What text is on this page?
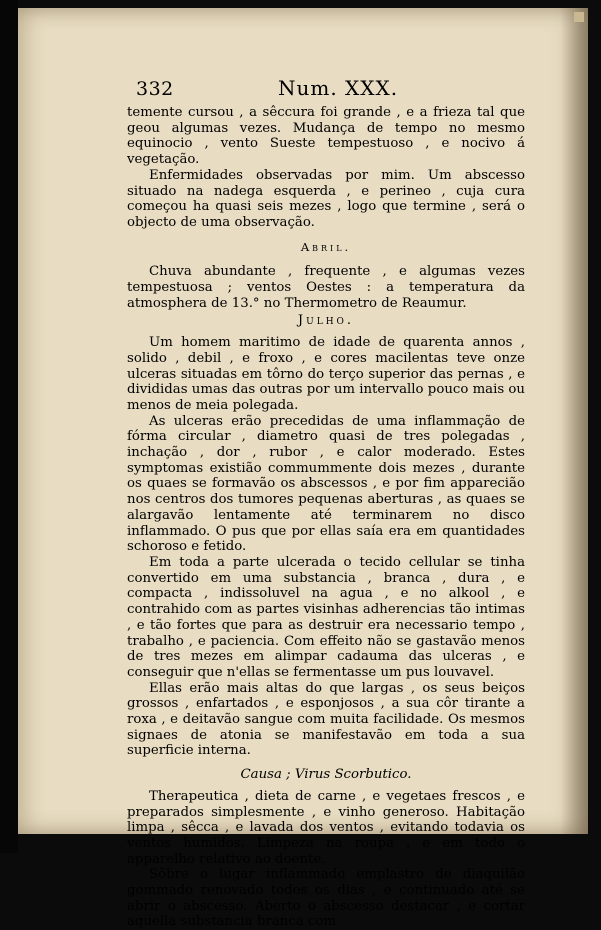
332	Num. XXX.

temente cursou , a sêccura foi grande , e a frieza tal que geou algumas vezes. Mudança de tempo no mesmo equinocio , vento Sueste tempestuoso , e nocivo á vegetação.

Enfermidades observadas por mim. Um abscesso situado na nadega esquerda , e perineo , cuja cura começou ha quasi seis mezes , logo que termine , será o objecto de uma observação.

Abril.

Chuva abundante , frequente , e algumas vezes tempestuosa ; ventos Oestes : a temperatura da atmosphera de 13.° no Thermometro de Reaumur.

Julho.

Um homem maritimo de idade de quarenta annos , solido , debil , e froxo , e cores macilentas teve onze ulceras situadas em tôrno do terço superior das pernas , e divididas umas das outras por um intervallo pouco mais ou menos de meia polegada.

As ulceras erão precedidas de uma inflammação de fórma circular , diametro quasi de tres polegadas , inchação , dor , rubor , e calor moderado. Estes symptomas existião commummente dois mezes , durante os quaes se formavão os abscessos , e por fim apparecião nos centros dos tumores pequenas aberturas , as quaes se alargavão lentamente até terminarem no disco inflammado. O pus que por ellas saía era em quantidades schoroso e fetido.

Em toda a parte ulcerada o tecido cellular se tinha convertido em uma substancia , branca , dura , e compacta , indissoluvel na agua , e no alkool , e contrahido com as partes visinhas adherencias tão intimas , e tão fortes que para as destruir era necessario tempo , trabalho , e paciencia. Com effeito não se gastavão menos de tres mezes em alimpar cadauma das ulceras , e conseguir que n'ellas se fermentasse um pus louvavel.

Ellas erão mais altas do que largas , os seus beiços grossos , enfartados , e esponjosos , a sua côr tirante a roxa , e deitavão sangue com muita facilidade. Os mesmos signaes de atonia se manifestavão em toda a sua superficie interna.

Causa ; Virus Scorbutico.

Therapeutica , dieta de carne , e vegetaes frescos , e preparados simplesmente , e vinho generoso. Habitação limpa , sêcca , e lavada dos ventos , evitando todavia os ventos humidos. Limpeza na roupa , e em todo o apparelho relativo ao doente.

Sôbre o lugar inflammado emplastro de diaquilão gommado renovado todos os dias , e continuado até se abrir o abscesso. Aberto o abscesso destacar , e cortar aquella substancia branca com
